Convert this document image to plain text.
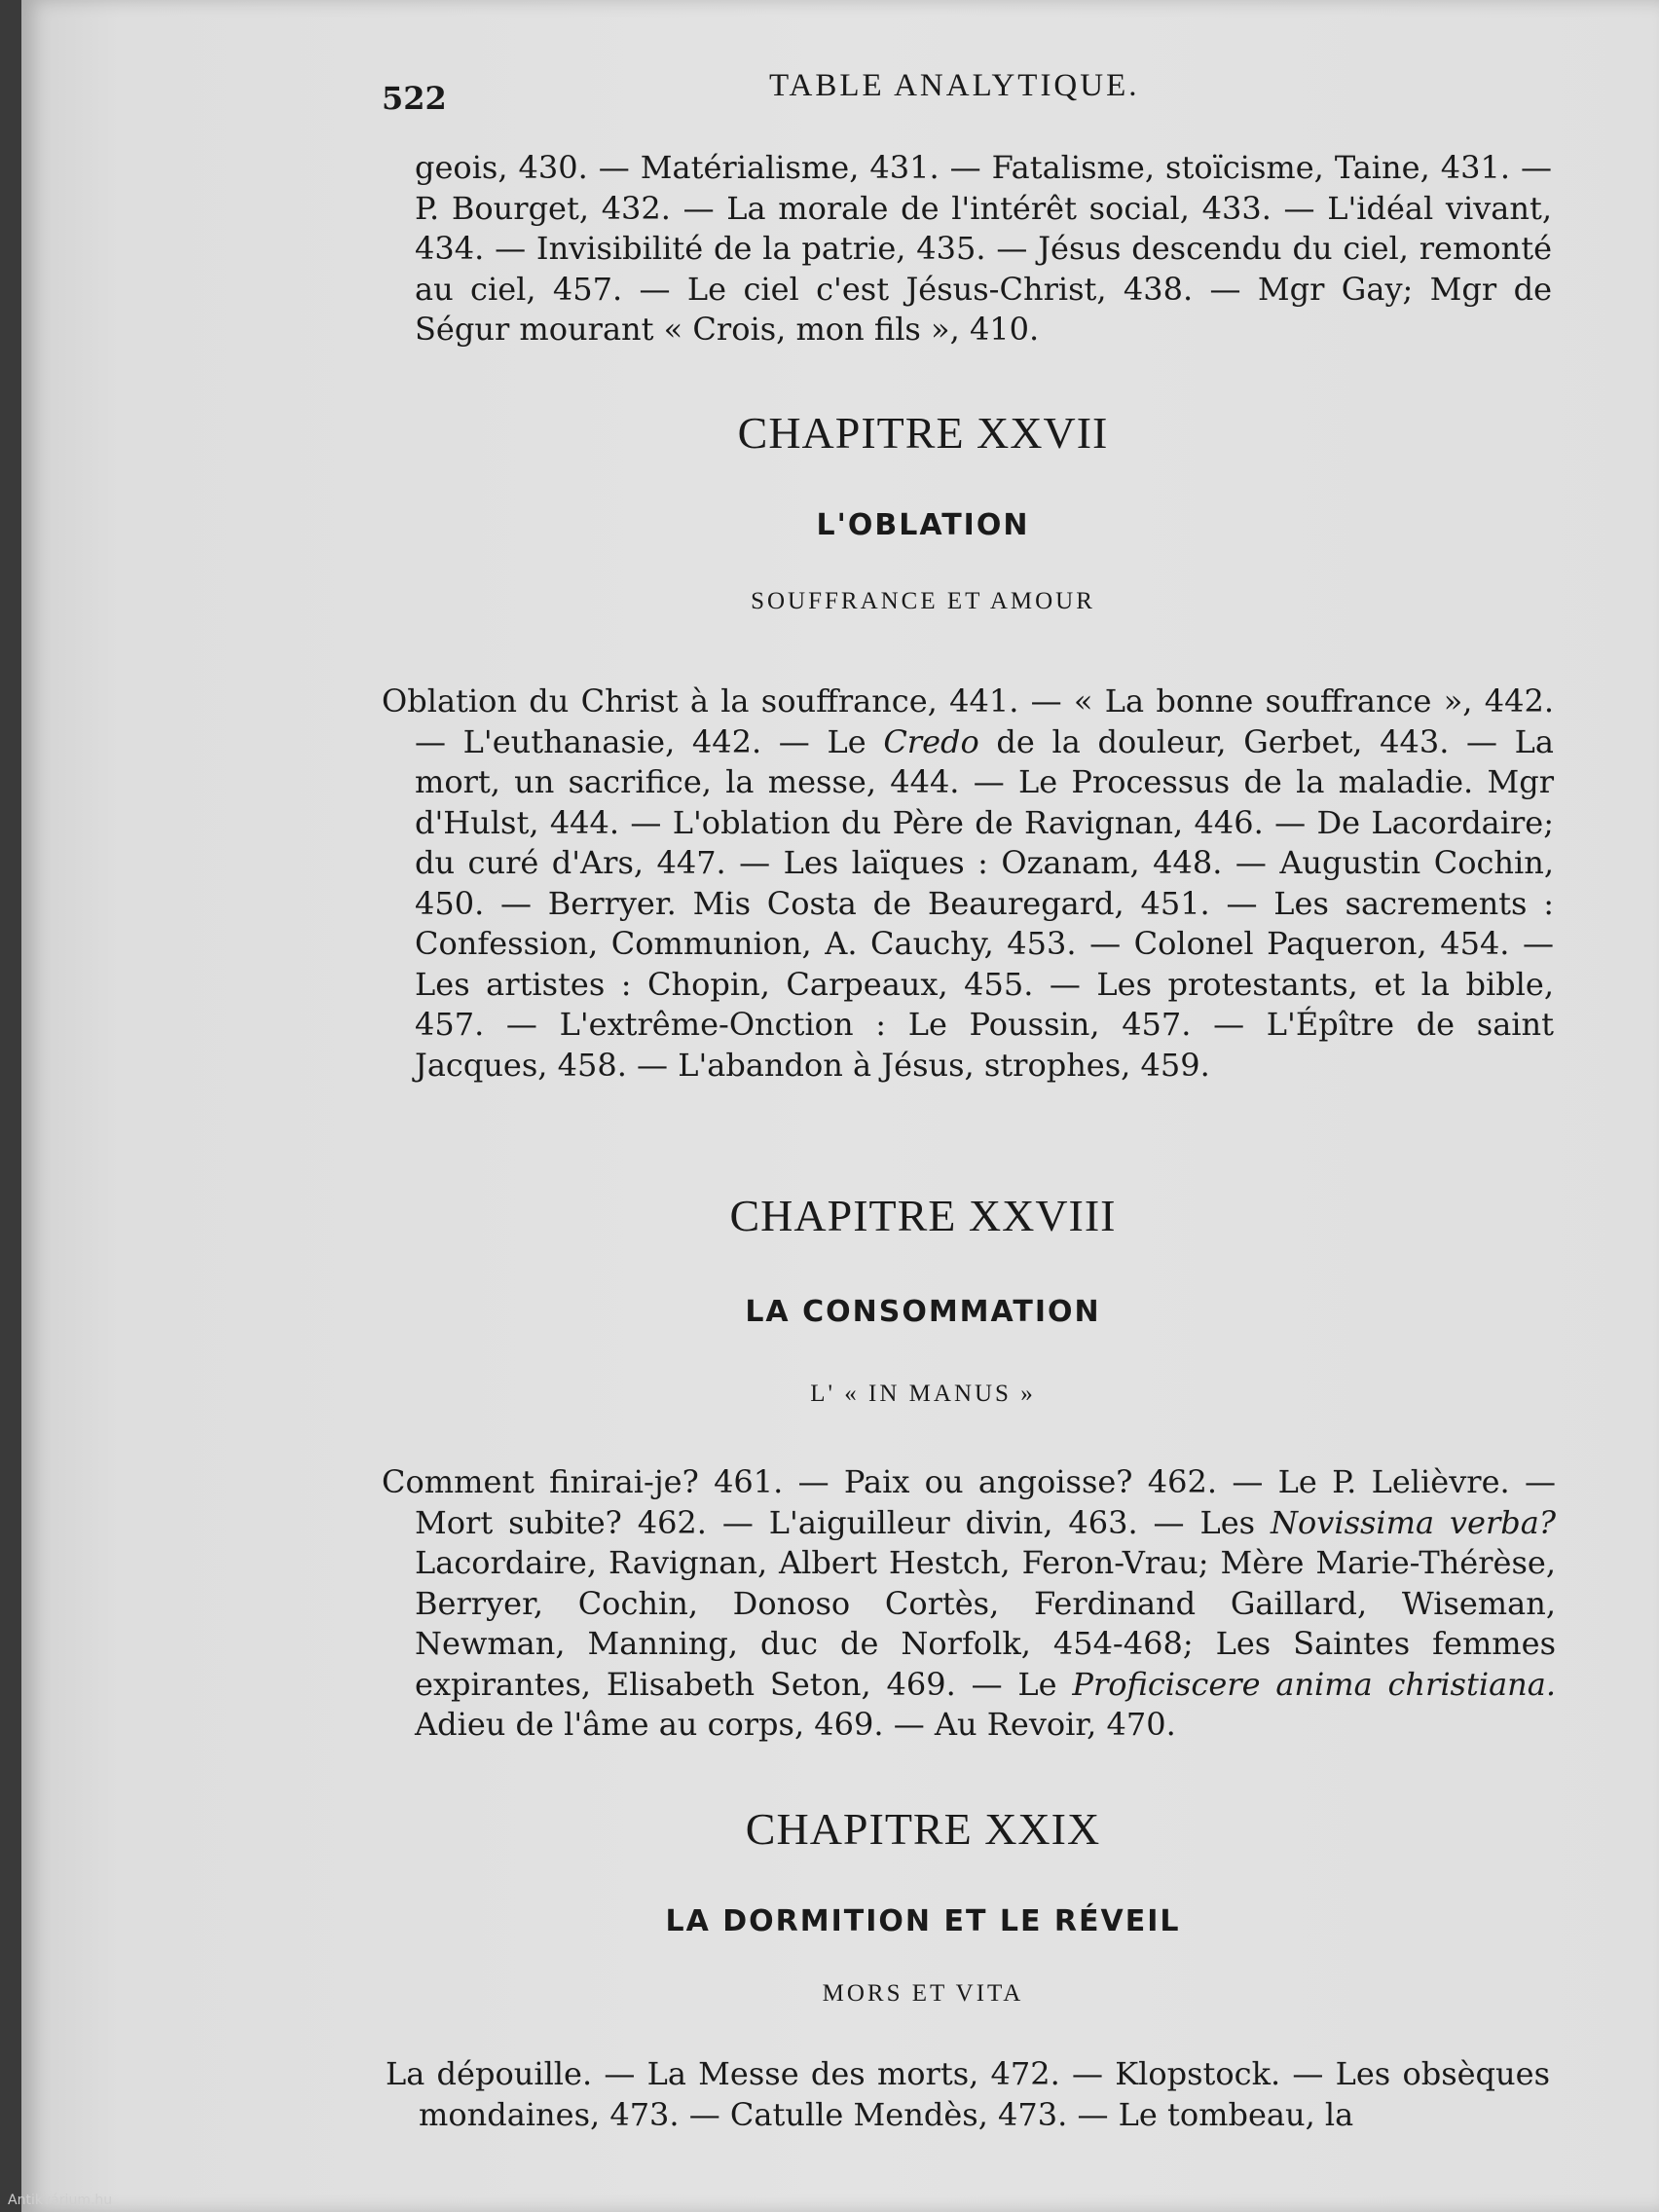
522	TABLE ANALYTIQUE.

geois, 430. — Matérialisme, 431. — Fatalisme, stoïcisme, Taine, 431. — P. Bourget, 432. — La morale de l'intérêt social, 433. — L'idéal vivant, 434. — Invisibilité de la patrie, 435. — Jésus descendu du ciel, remonté au ciel, 457. — Le ciel c'est Jésus-Christ, 438. — Mgr Gay; Mgr de Ségur mourant « Crois, mon fils », 410.

CHAPITRE XXVII
L'OBLATION
SOUFFRANCE ET AMOUR

Oblation du Christ à la souffrance, 441. — « La bonne souffrance », 442. — L'euthanasie, 442. — Le Credo de la douleur, Gerbet, 443. — La mort, un sacrifice, la messe, 444. — Le Processus de la maladie. Mgr d'Hulst, 444. — L'oblation du Père de Ravignan, 446. — De Lacordaire; du curé d'Ars, 447. — Les laïques : Ozanam, 448. — Augustin Cochin, 450. — Berryer. Mis Costa de Beauregard, 451. — Les sacrements : Confession, Communion, A. Cauchy, 453. — Colonel Paqueron, 454. — Les artistes : Chopin, Carpeaux, 455. — Les protestants, et la bible, 457. — L'extrême-Onction : Le Poussin, 457. — L'Épître de saint Jacques, 458. — L'abandon à Jésus, strophes, 459.

CHAPITRE XXVIII
LA CONSOMMATION
L' « IN MANUS »

Comment finirai-je? 461. — Paix ou angoisse? 462. — Le P. Lelièvre. — Mort subite? 462. — L'aiguilleur divin, 463. — Les Novissima verba? Lacordaire, Ravignan, Albert Hestch, Feron-Vrau; Mère Marie-Thérèse, Berryer, Cochin, Donoso Cortès, Ferdinand Gaillard, Wiseman, Newman, Manning, duc de Norfolk, 454-468; Les Saintes femmes expirantes, Elisabeth Seton, 469. — Le Proficiscere anima christiana. Adieu de l'âme au corps, 469. — Au Revoir, 470.

CHAPITRE XXIX
LA DORMITION ET LE RÉVEIL
MORS ET VITA

La dépouille. — La Messe des morts, 472. — Klopstock. — Les obsèques mondaines, 473. — Catulle Mendès, 473. — Le tombeau, la

Antikvárium.hu
